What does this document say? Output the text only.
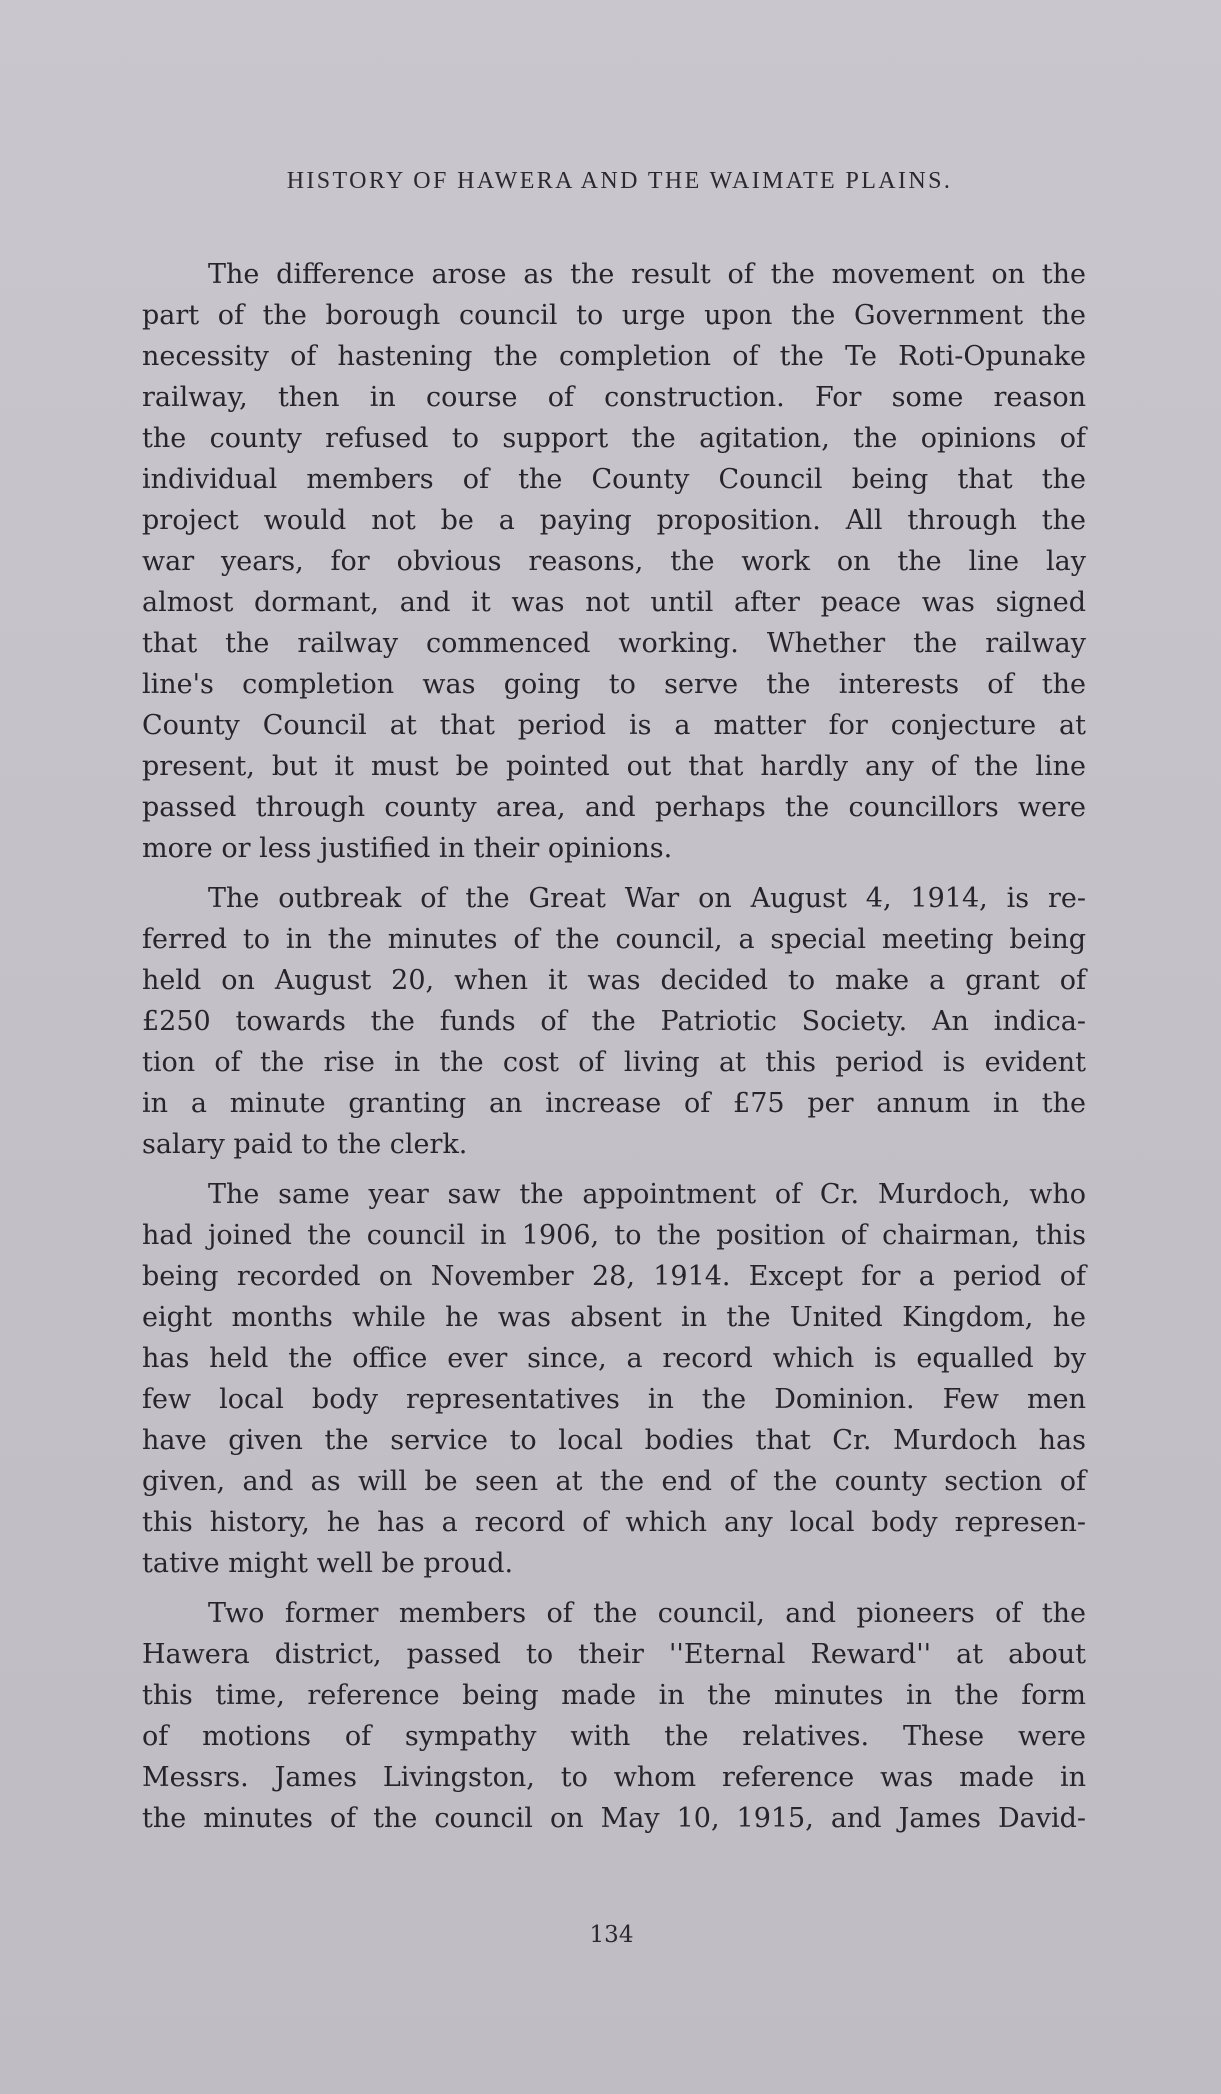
HISTORY OF HAWERA AND THE WAIMATE PLAINS.
The difference arose as the result of the movement on the
part of the borough council to urge upon the Government the
necessity of hastening the completion of the Te Roti-Opunake
railway, then in course of construction. For some reason
the county refused to support the agitation, the opinions of
individual members of the County Council being that the
project would not be a paying proposition. All through the
war years, for obvious reasons, the work on the line lay
almost dormant, and it was not until after peace was signed
that the railway commenced working. Whether the railway
line's completion was going to serve the interests of the
County Council at that period is a matter for conjecture at
present, but it must be pointed out that hardly any of the line
passed through county area, and perhaps the councillors were
more or less justified in their opinions.
The outbreak of the Great War on August 4, 1914, is re-
ferred to in the minutes of the council, a special meeting being
held on August 20, when it was decided to make a grant of
£250 towards the funds of the Patriotic Society. An indica-
tion of the rise in the cost of living at this period is evident
in a minute granting an increase of £75 per annum in the
salary paid to the clerk.
The same year saw the appointment of Cr. Murdoch, who
had joined the council in 1906, to the position of chairman, this
being recorded on November 28, 1914. Except for a period of
eight months while he was absent in the United Kingdom, he
has held the office ever since, a record which is equalled by
few local body representatives in the Dominion. Few men
have given the service to local bodies that Cr. Murdoch has
given, and as will be seen at the end of the county section of
this history, he has a record of which any local body represen-
tative might well be proud.
Two former members of the council, and pioneers of the
Hawera district, passed to their ''Eternal Reward'' at about
this time, reference being made in the minutes in the form
of motions of sympathy with the relatives. These were
Messrs. James Livingston, to whom reference was made in
the minutes of the council on May 10, 1915, and James David-
134
